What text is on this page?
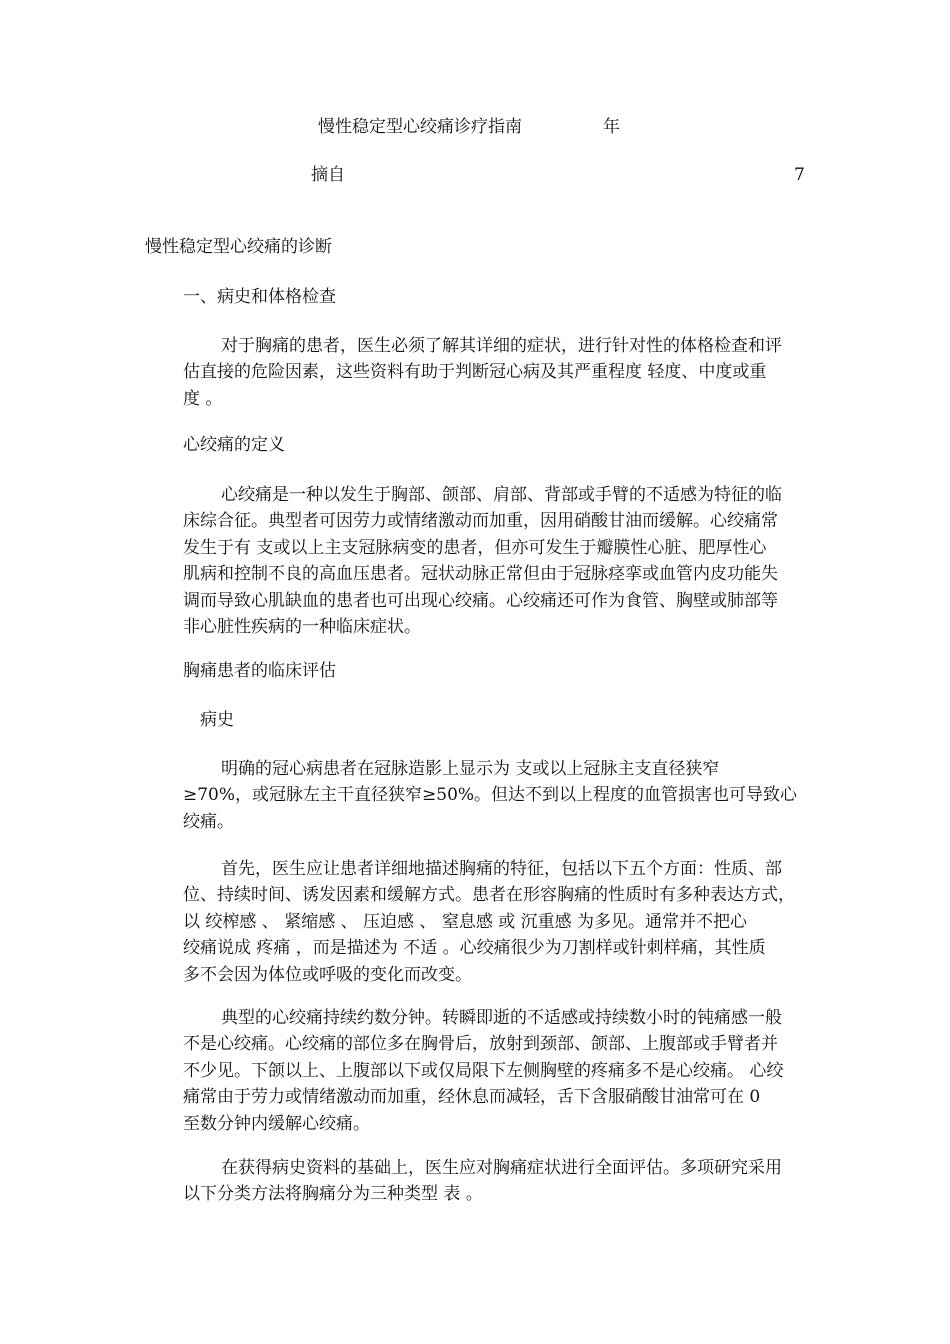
慢性稳定型心绞痛诊疗指南	年
摘自	7
慢性稳定型心绞痛的诊断
一、病史和体格检查
对于胸痛的患者，医生必须了解其详细的症状，进行针对性的体格检查和评
估直接的危险因素，这些资料有助于判断冠心病及其严重程度 轻度、中度或重
度 。
心绞痛的定义
心绞痛是一种以发生于胸部、颌部、肩部、背部或手臂的不适感为特征的临
床综合征。典型者可因劳力或情绪激动而加重，因用硝酸甘油而缓解。心绞痛常
发生于有 支或以上主支冠脉病变的患者，但亦可发生于瓣膜性心脏、肥厚性心
肌病和控制不良的高血压患者。冠状动脉正常但由于冠脉痉挛或血管内皮功能失
调而导致心肌缺血的患者也可出现心绞痛。心绞痛还可作为食管、胸壁或肺部等
非心脏性疾病的一种临床症状。
胸痛患者的临床评估
病史
明确的冠心病患者在冠脉造影上显示为 支或以上冠脉主支直径狭窄
≥70%，或冠脉左主干直径狭窄≥50%。但达不到以上程度的血管损害也可导致心
绞痛。
首先，医生应让患者详细地描述胸痛的特征，包括以下五个方面：性质、部
位、持续时间、诱发因素和缓解方式。患者在形容胸痛的性质时有多种表达方式，
以 绞榨感 、 紧缩感 、 压迫感 、 窒息感 或 沉重感 为多见。通常并不把心
绞痛说成 疼痛 ，而是描述为 不适 。心绞痛很少为刀割样或针刺样痛，其性质
多不会因为体位或呼吸的变化而改变。
典型的心绞痛持续约数分钟。转瞬即逝的不适感或持续数小时的钝痛感一般
不是心绞痛。心绞痛的部位多在胸骨后，放射到颈部、颌部、上腹部或手臂者并
不少见。下颌以上、上腹部以下或仅局限下左侧胸壁的疼痛多不是心绞痛。 心绞
痛常由于劳力或情绪激动而加重，经休息而减轻，舌下含服硝酸甘油常可在 0
至数分钟内缓解心绞痛。
在获得病史资料的基础上，医生应对胸痛症状进行全面评估。多项研究采用
以下分类方法将胸痛分为三种类型 表 。
